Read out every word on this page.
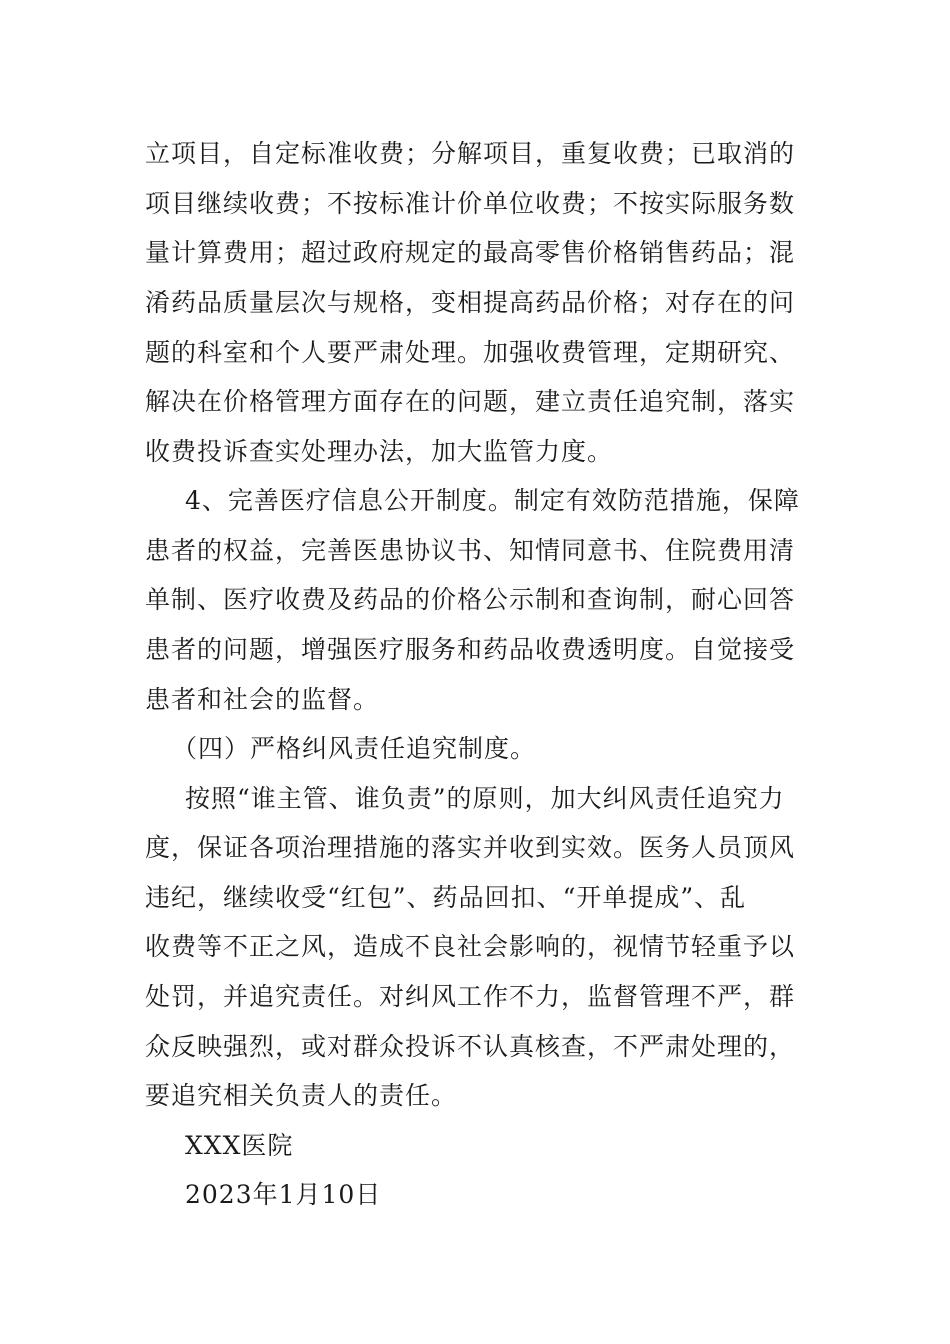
立项目，自定标准收费；分解项目，重复收费；已取消的
项目继续收费；不按标准计价单位收费；不按实际服务数
量计算费用；超过政府规定的最高零售价格销售药品；混
淆药品质量层次与规格，变相提高药品价格；对存在的问
题的科室和个人要严肃处理。加强收费管理，定期研究、
解决在价格管理方面存在的问题，建立责任追究制，落实
收费投诉查实处理办法，加大监管力度。
4、完善医疗信息公开制度。制定有效防范措施，保障
患者的权益，完善医患协议书、知情同意书、住院费用清
单制、医疗收费及药品的价格公示制和查询制，耐心回答
患者的问题，增强医疗服务和药品收费透明度。自觉接受
患者和社会的监督。
（四）严格纠风责任追究制度。
按照“谁主管、谁负责”的原则，加大纠风责任追究力
度，保证各项治理措施的落实并收到实效。医务人员顶风
违纪，继续收受“红包”、药品回扣、“开单提成”、乱
收费等不正之风，造成不良社会影响的，视情节轻重予以
处罚，并追究责任。对纠风工作不力，监督管理不严，群
众反映强烈，或对群众投诉不认真核查，不严肃处理的，
要追究相关负责人的责任。
XXX医院
2023年1月10日
